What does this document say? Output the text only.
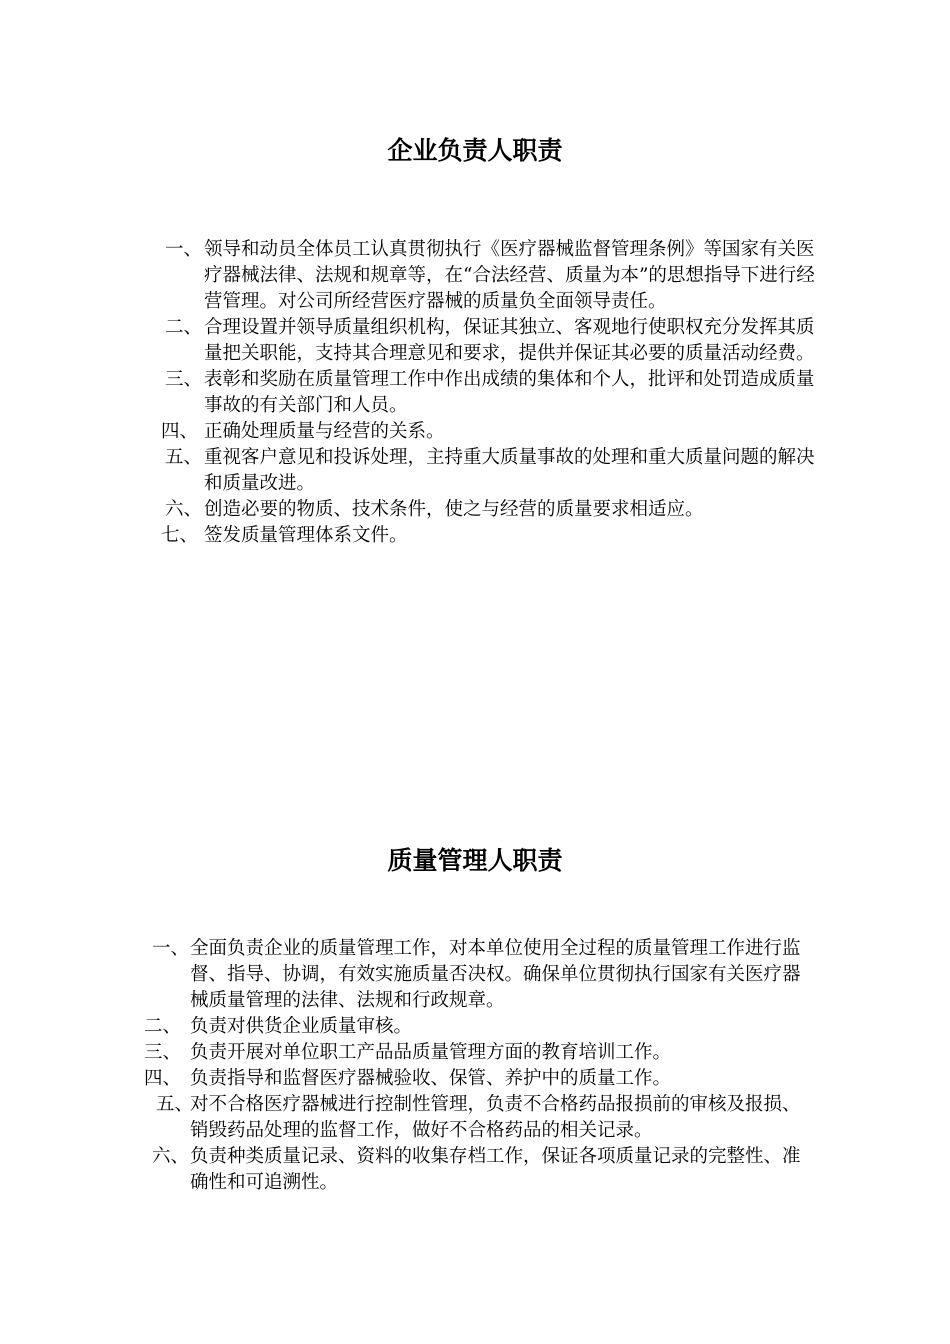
企业负责人职责
一、 领导和动员全体员工认真贯彻执行《医疗器械监督管理条例》等国家有关医疗器械法律、法规和规章等，在“合法经营、质量为本”的思想指导下进行经营管理。对公司所经营医疗器械的质量负全面领导责任。
二、 合理设置并领导质量组织机构，保证其独立、客观地行使职权充分发挥其质量把关职能，支持其合理意见和要求，提供并保证其必要的质量活动经费。
三、 表彰和奖励在质量管理工作中作出成绩的集体和个人，批评和处罚造成质量事故的有关部门和人员。
四、 正确处理质量与经营的关系。
五、 重视客户意见和投诉处理，主持重大质量事故的处理和重大质量问题的解决和质量改进。
六、 创造必要的物质、技术条件，使之与经营的质量要求相适应。
七、 签发质量管理体系文件。
质量管理人职责
一、 全面负责企业的质量管理工作，对本单位使用全过程的质量管理工作进行监督、指导、协调，有效实施质量否决权。确保单位贯彻执行国家有关医疗器械质量管理的法律、法规和行政规章。
二、 负责对供货企业质量审核。
三、 负责开展对单位职工产品品质量管理方面的教育培训工作。
四、 负责指导和监督医疗器械验收、保管、养护中的质量工作。
五、
对不合格医疗器械进行控制性管理，负责不合格药品报损前的审核及报损、销毁药品处理的监督工作，做好不合格药品的相关记录。
六、 负责种类质量记录、资料的收集存档工作，保证各项质量记录的完整性、准确性和可追溯性。
